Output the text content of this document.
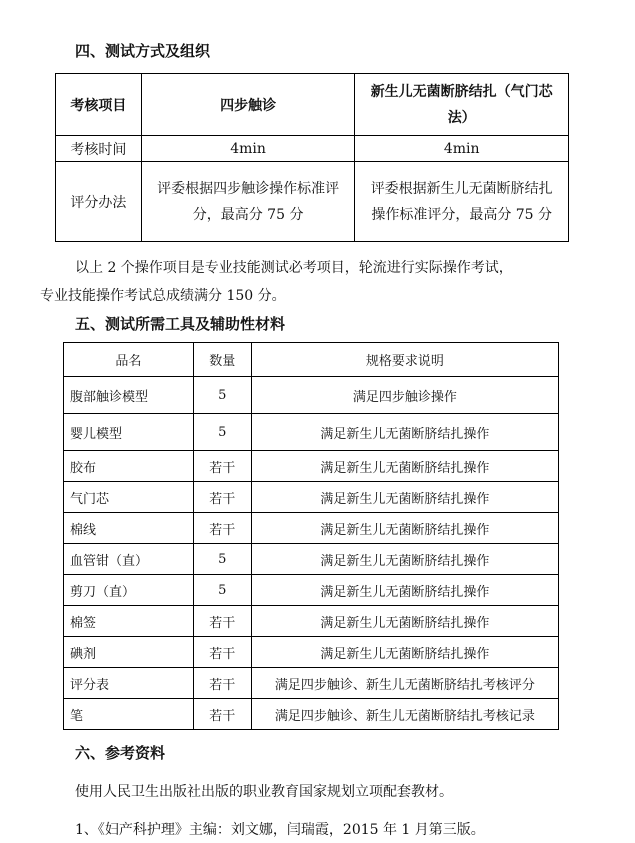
四、测试方式及组织
考核项目	四步触诊	新生儿无菌断脐结扎（气门芯法）
考核时间	4min	4min
评分办法	评委根据四步触诊操作标准评分，最高分 75 分	评委根据新生儿无菌断脐结扎操作标准评分，最高分 75 分
以上 2 个操作项目是专业技能测试必考项目，轮流进行实际操作考试，
专业技能操作考试总成绩满分 150 分。
五、测试所需工具及辅助性材料
品名	数量	规格要求说明
腹部触诊模型	5	满足四步触诊操作
婴儿模型	5	满足新生儿无菌断脐结扎操作
胶布	若干	满足新生儿无菌断脐结扎操作
气门芯	若干	满足新生儿无菌断脐结扎操作
棉线	若干	满足新生儿无菌断脐结扎操作
血管钳（直）	5	满足新生儿无菌断脐结扎操作
剪刀（直）	5	满足新生儿无菌断脐结扎操作
棉签	若干	满足新生儿无菌断脐结扎操作
碘剂	若干	满足新生儿无菌断脐结扎操作
评分表	若干	满足四步触诊、新生儿无菌断脐结扎考核评分
笔	若干	满足四步触诊、新生儿无菌断脐结扎考核记录
六、参考资料
使用人民卫生出版社出版的职业教育国家规划立项配套教材。
1、《妇产科护理》主编：刘文娜，闫瑞霞，2015 年 1 月第三版。
